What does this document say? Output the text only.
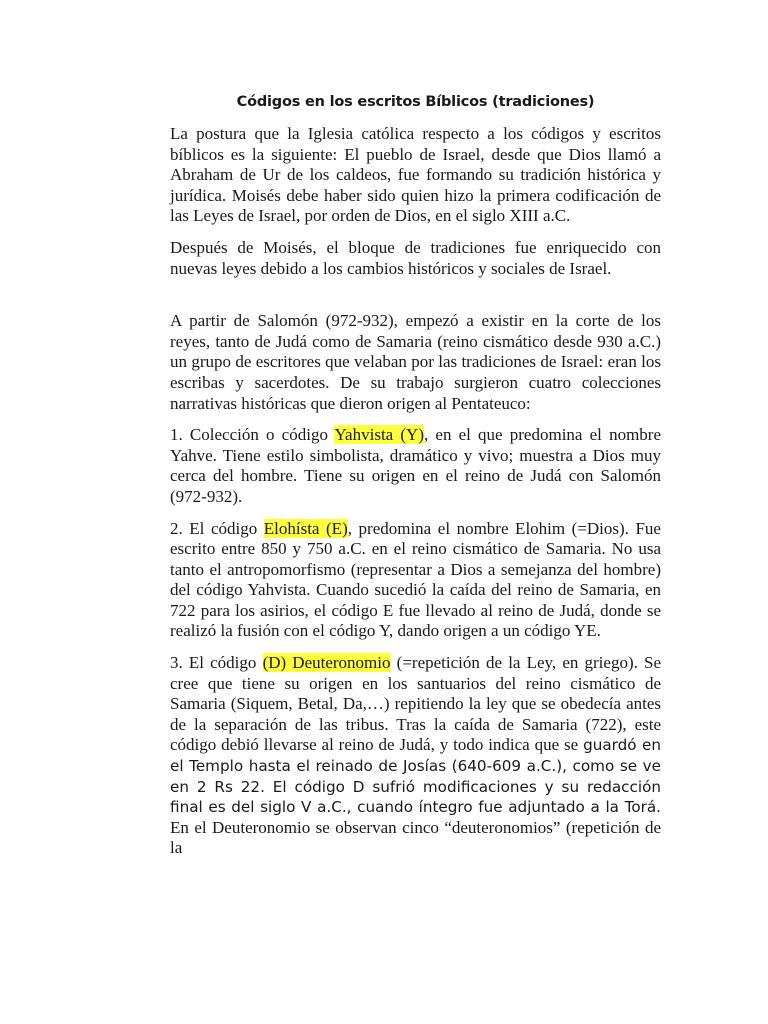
Códigos en los escritos Bíblicos (tradiciones)

La postura que la Iglesia católica respecto a los códigos y escritos bíblicos es la siguiente: El pueblo de Israel, desde que Dios llamó a Abraham de Ur de los caldeos, fue formando su tradición histórica y jurídica. Moisés debe haber sido quien hizo la primera codificación de las Leyes de Israel, por orden de Dios, en el siglo XIII a.C.

Después de Moisés, el bloque de tradiciones fue enriquecido con nuevas leyes debido a los cambios históricos y sociales de Israel.

A partir de Salomón (972-932), empezó a existir en la corte de los reyes, tanto de Judá como de Samaria (reino cismático desde 930 a.C.) un grupo de escritores que velaban por las tradiciones de Israel: eran los escribas y sacerdotes. De su trabajo surgieron cuatro colecciones narrativas históricas que dieron origen al Pentateuco:

1. Colección o código Yahvista (Y), en el que predomina el nombre Yahve. Tiene estilo simbolista, dramático y vivo; muestra a Dios muy cerca del hombre. Tiene su origen en el reino de Judá con Salomón (972-932).

2. El código Elohísta (E), predomina el nombre Elohim (=Dios). Fue escrito entre 850 y 750 a.C. en el reino cismático de Samaria. No usa tanto el antropomorfismo (representar a Dios a semejanza del hombre) del código Yahvista. Cuando sucedió la caída del reino de Samaria, en 722 para los asirios, el código E fue llevado al reino de Judá, donde se realizó la fusión con el código Y, dando origen a un código YE.

3. El código (D) Deuteronomio (=repetición de la Ley, en griego). Se cree que tiene su origen en los santuarios del reino cismático de Samaria (Siquem, Betal, Da,…) repitiendo la ley que se obedecía antes de la separación de las tribus. Tras la caída de Samaria (722), este código debió llevarse al reino de Judá, y todo indica que se guardó en el Templo hasta el reinado de Josías (640-609 a.C.), como se ve en 2 Rs 22. El código D sufrió modificaciones y su redacción final es del siglo V a.C., cuando íntegro fue adjuntado a la Torá. En el Deuteronomio se observan cinco “deuteronomios” (repetición de la
